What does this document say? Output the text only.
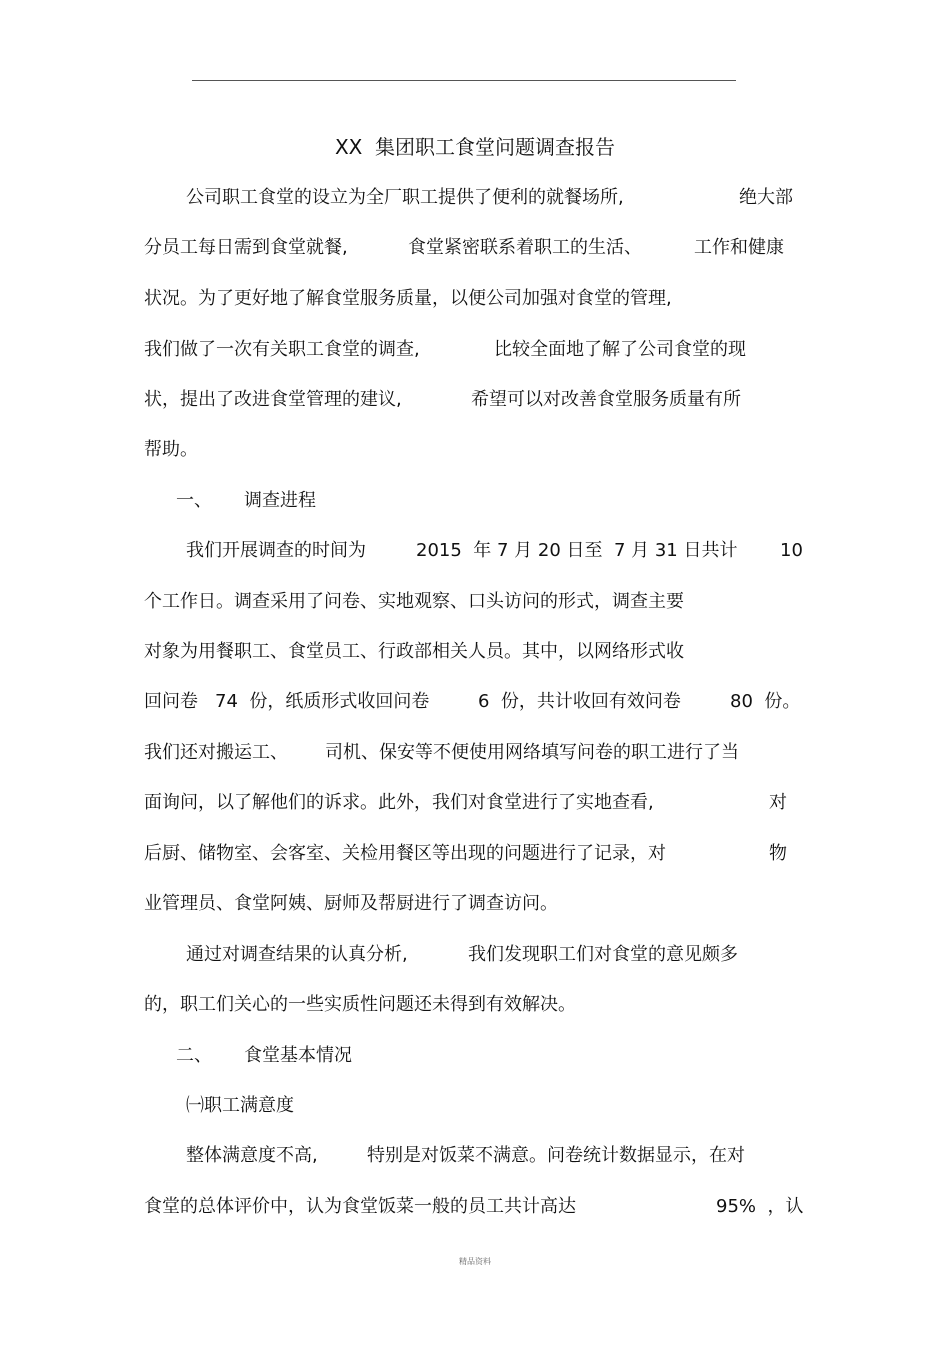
XX  集团职工食堂问题调查报告
公司职工食堂的设立为全厂职工提供了便利的就餐场所,	绝大部
分员工每日需到食堂就餐,	食堂紧密联系着职工的生活、	工作和健康
状况。为了更好地了解食堂服务质量，以便公司加强对食堂的管理,
我们做了一次有关职工食堂的调查,	比较全面地了解了公司食堂的现
状，提出了改进食堂管理的建议,	希望可以对改善食堂服务质量有所
帮助。
一、 调查进程
我们开展调查的时间为	2015  年 7 月 20 日至  7 月 31 日共计 10
个工作日。调查采用了问卷、实地观察、口头访问的形式，调查主要
对象为用餐职工、食堂员工、行政部相关人员。其中，以网络形式收
回问卷 74  份，纸质形式收回问卷	6  份，共计收回有效问卷	80  份。
我们还对搬运工、 司机、保安等不便使用网络填写问卷的职工进行了当
面询问，以了解他们的诉求。此外，我们对食堂进行了实地查看,	对
后厨、储物室、会客室、关检用餐区等出现的问题进行了记录，对	物
业管理员、食堂阿姨、厨师及帮厨进行了调查访问。
通过对调查结果的认真分析,	我们发现职工们对食堂的意见颇多
的，职工们关心的一些实质性问题还未得到有效解决。
二、 食堂基本情况
㈠职工满意度
整体满意度不高,	特别是对饭菜不满意。问卷统计数据显示，在对
食堂的总体评价中，认为食堂饭菜一般的员工共计高达	95%  ，认
精品资料
